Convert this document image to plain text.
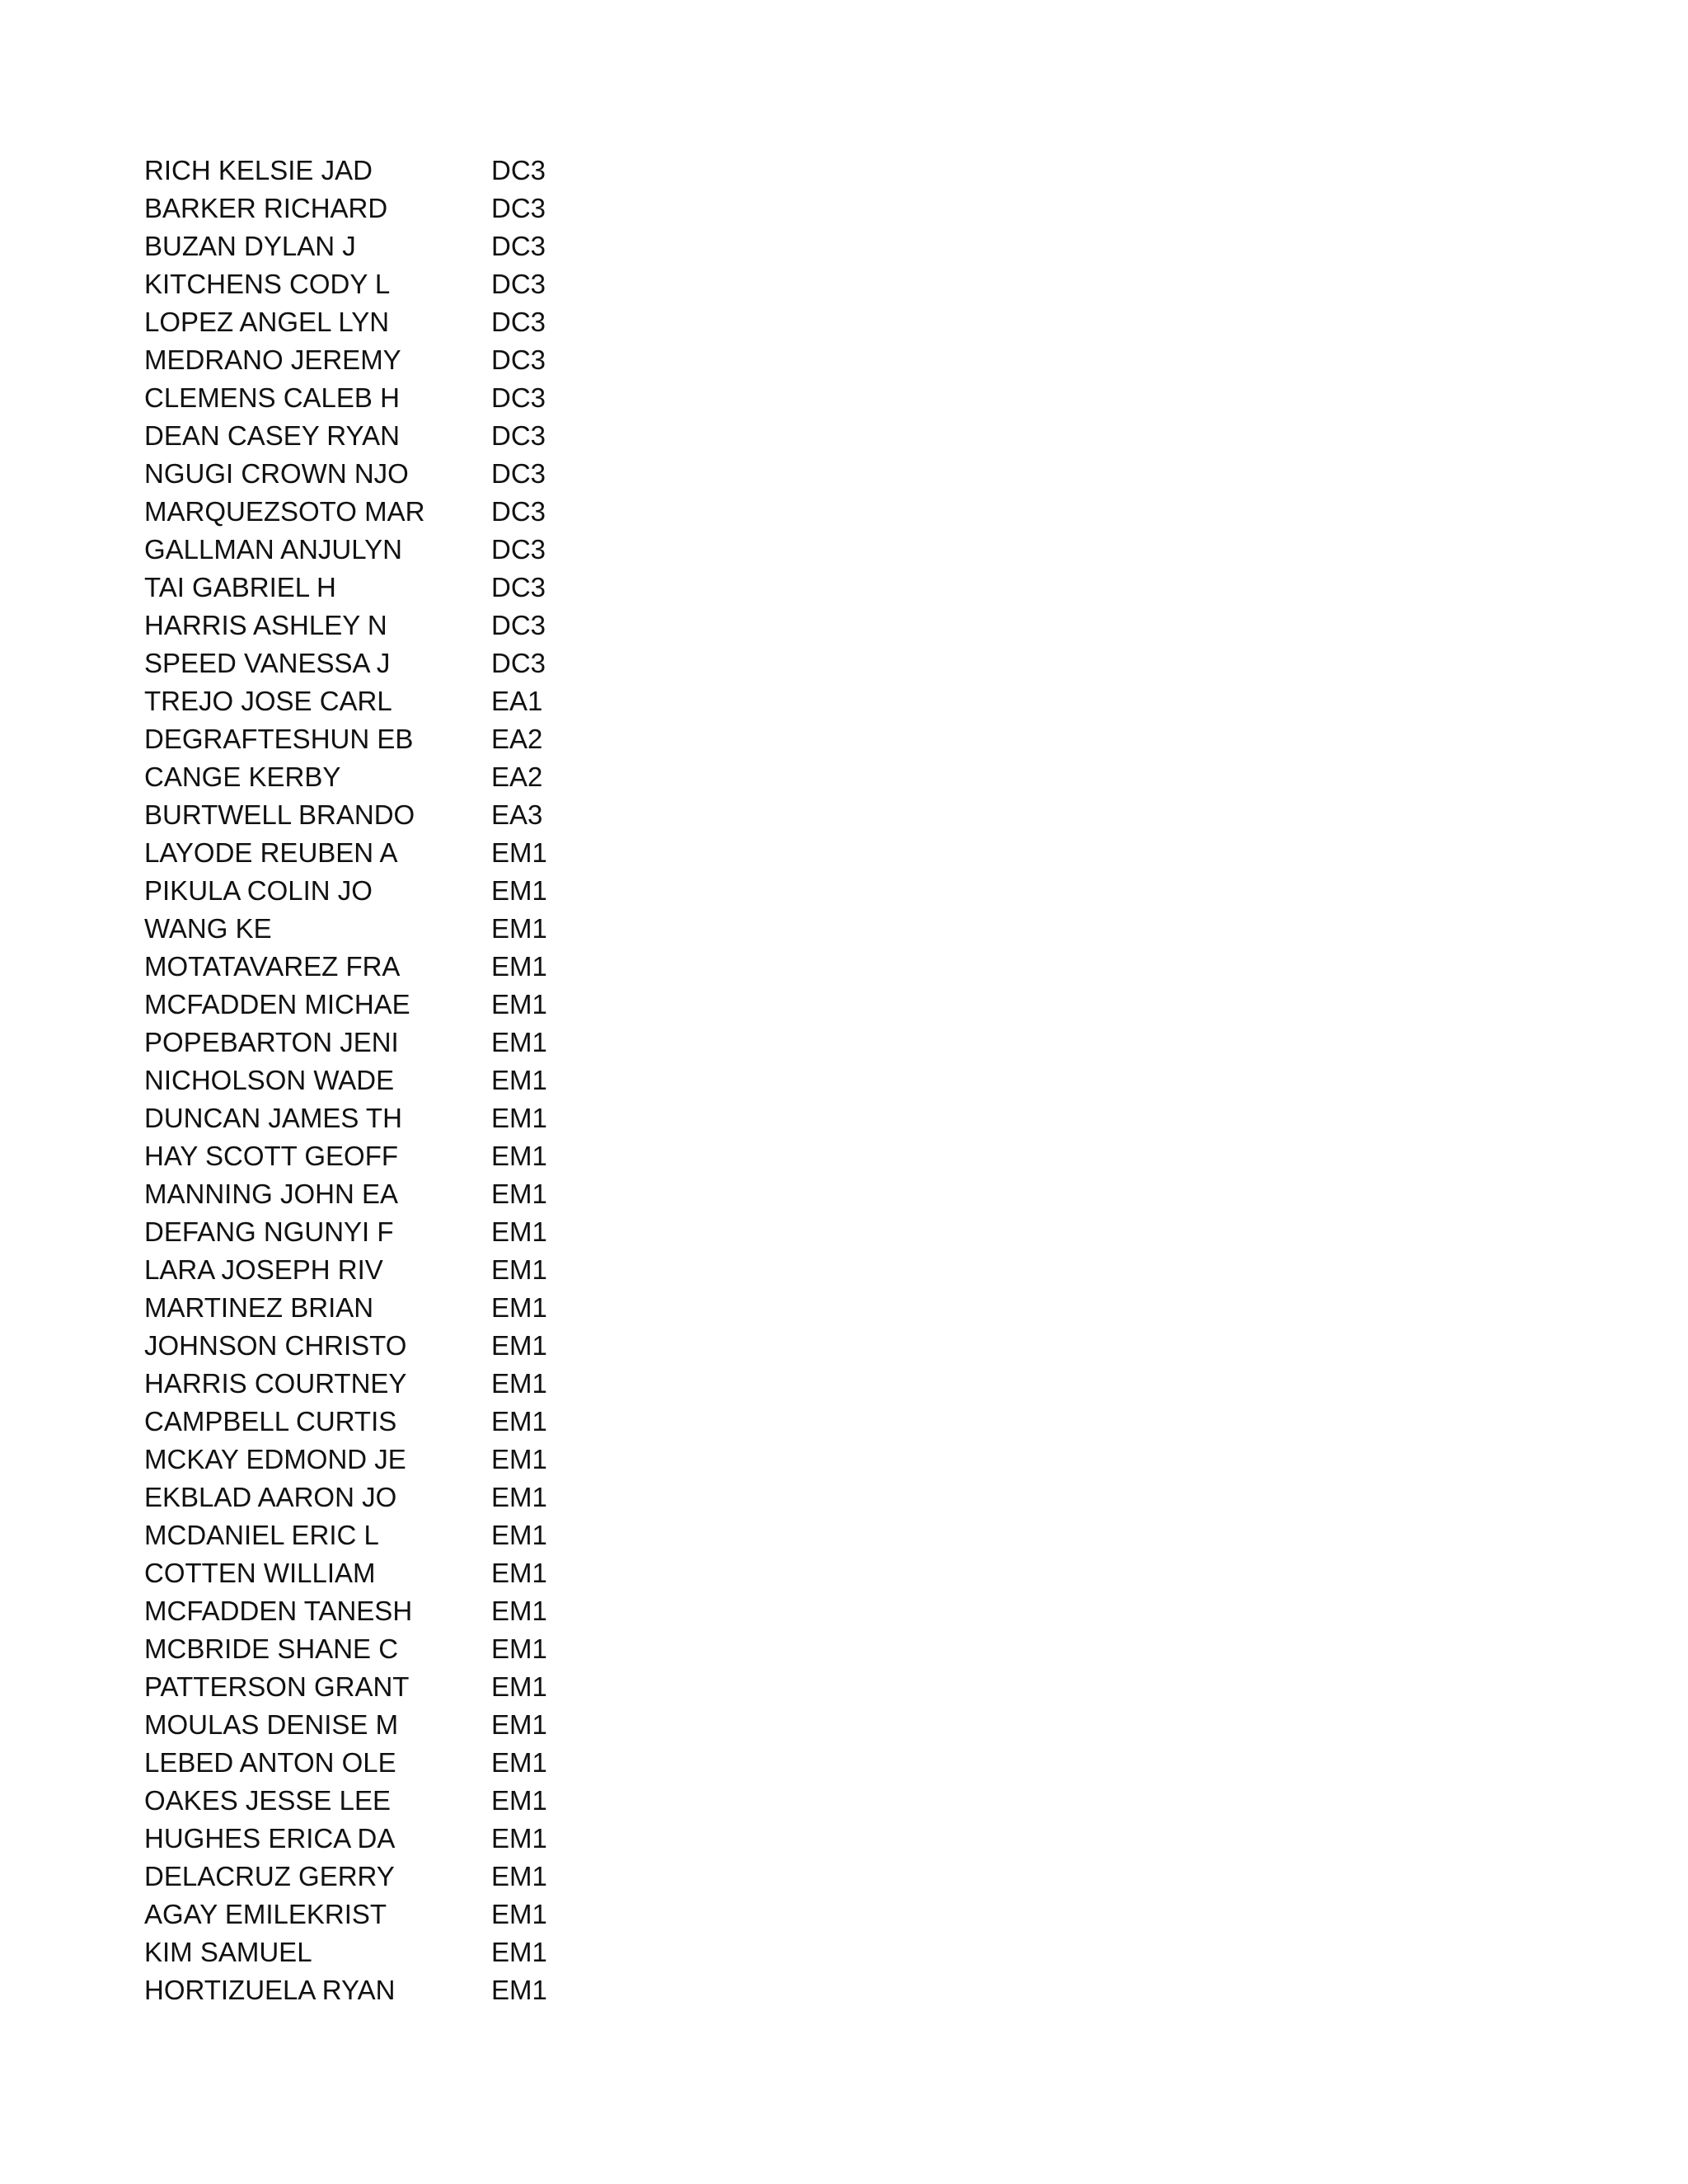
RICH KELSIE JAD	DC3
BARKER RICHARD	DC3
BUZAN DYLAN J	DC3
KITCHENS CODY L	DC3
LOPEZ ANGEL LYN	DC3
MEDRANO JEREMY	DC3
CLEMENS CALEB H	DC3
DEAN CASEY RYAN	DC3
NGUGI CROWN NJO	DC3
MARQUEZSOTO MAR	DC3
GALLMAN ANJULYN	DC3
TAI GABRIEL H	DC3
HARRIS ASHLEY N	DC3
SPEED VANESSA J	DC3
TREJO JOSE CARL	EA1
DEGRAFTESHUN EB	EA2
CANGE KERBY	EA2
BURTWELL BRANDO	EA3
LAYODE REUBEN A	EM1
PIKULA COLIN JO	EM1
WANG KE	EM1
MOTATAVAREZ FRA	EM1
MCFADDEN MICHAE	EM1
POPEBARTON JENI	EM1
NICHOLSON WADE	EM1
DUNCAN JAMES TH	EM1
HAY SCOTT GEOFF	EM1
MANNING JOHN EA	EM1
DEFANG NGUNYI F	EM1
LARA JOSEPH RIV	EM1
MARTINEZ BRIAN	EM1
JOHNSON CHRISTO	EM1
HARRIS COURTNEY	EM1
CAMPBELL CURTIS	EM1
MCKAY EDMOND JE	EM1
EKBLAD AARON JO	EM1
MCDANIEL ERIC L	EM1
COTTEN WILLIAM	EM1
MCFADDEN TANESH	EM1
MCBRIDE SHANE C	EM1
PATTERSON GRANT	EM1
MOULAS DENISE M	EM1
LEBED ANTON OLE	EM1
OAKES JESSE LEE	EM1
HUGHES ERICA DA	EM1
DELACRUZ GERRY	EM1
AGAY EMILEKRIST	EM1
KIM SAMUEL	EM1
HORTIZUELA RYAN	EM1
